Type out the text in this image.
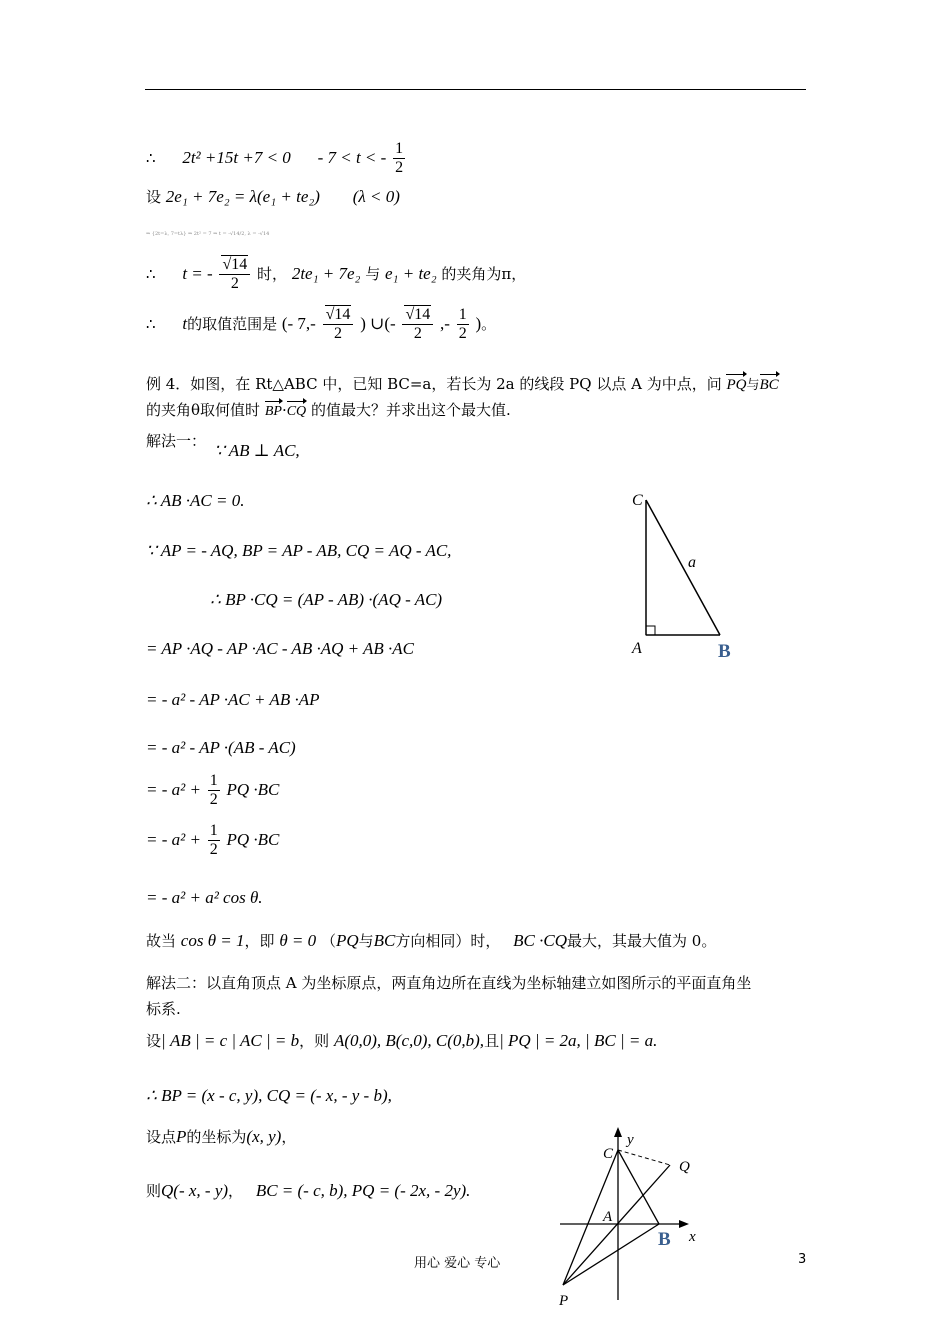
∴ 2t² +15t +7 < 0 - 7 < t < - $\frac{1}{2}$
设 2e₁ + 7e₂ = λ(e₁ + te₂) (λ < 0)
⇒ {2t=λ, 7=tλ} ⇒ 2t² = 7 ⇒ t = -√14/2, λ = -√14
∴ t = - $\frac{√14}{2}$ 时， 2te₁ + 7e₂ 与 e₁ + te₂ 的夹角为π，
∴ t的取值范围是 (- $7,- \frac{√14}{2}$ ) ∪(- $\frac{√14}{2}$ ,- $\frac{1}{2}$ )。
例 4．如图，在 Rt△ABC 中，已知 BC=a，若长为 2a 的线段 PQ 以点 A 为中点，问 PQ与BC
的夹角θ取何值时 BP·CQ 的值最大？并求出这个最大值.
解法一： ∵ AB ⊥ AC,
∴ AB ·AC = 0.
∵ AP = - AQ, BP = AP - AB, CQ = AQ - AC,
∴ BP ·CQ = (AP - AB) ·(AQ - AC)
= AP ·AQ - AP ·AC - AB ·AQ + AB ·AC
= - a² - AP ·AC + AB ·AP
= - a² - AP ·(AB - AC)
= - $a^2 + \frac{1}{2}$ PQ ·BC
= - $a^2 + \frac{1}{2}$ PQ ·BC
= - a² + a² cos θ.
故当 cos θ = 1，即 θ = 0 （PQ与BC方向相同）时， BC ·CQ最大，其最大值为 0。
解法二：以直角顶点 A 为坐标原点，两直角边所在直线为坐标轴建立如图所示的平面直角坐
标系.
设| AB | = c | AC | = b，则 A(0,0), B(c,0), C(0,b),且| PQ | = 2a, | BC | = a.
∴ BP = (x - c, y), CQ = (- x, - y - b),
设点P的坐标为(x, y)，
则Q(- x, - y)， BC = (- c, b), PQ = (- 2x, - 2y).
C
A	B
a
C
A
B
Q
P
x
y
用心 爱心 专心	3
